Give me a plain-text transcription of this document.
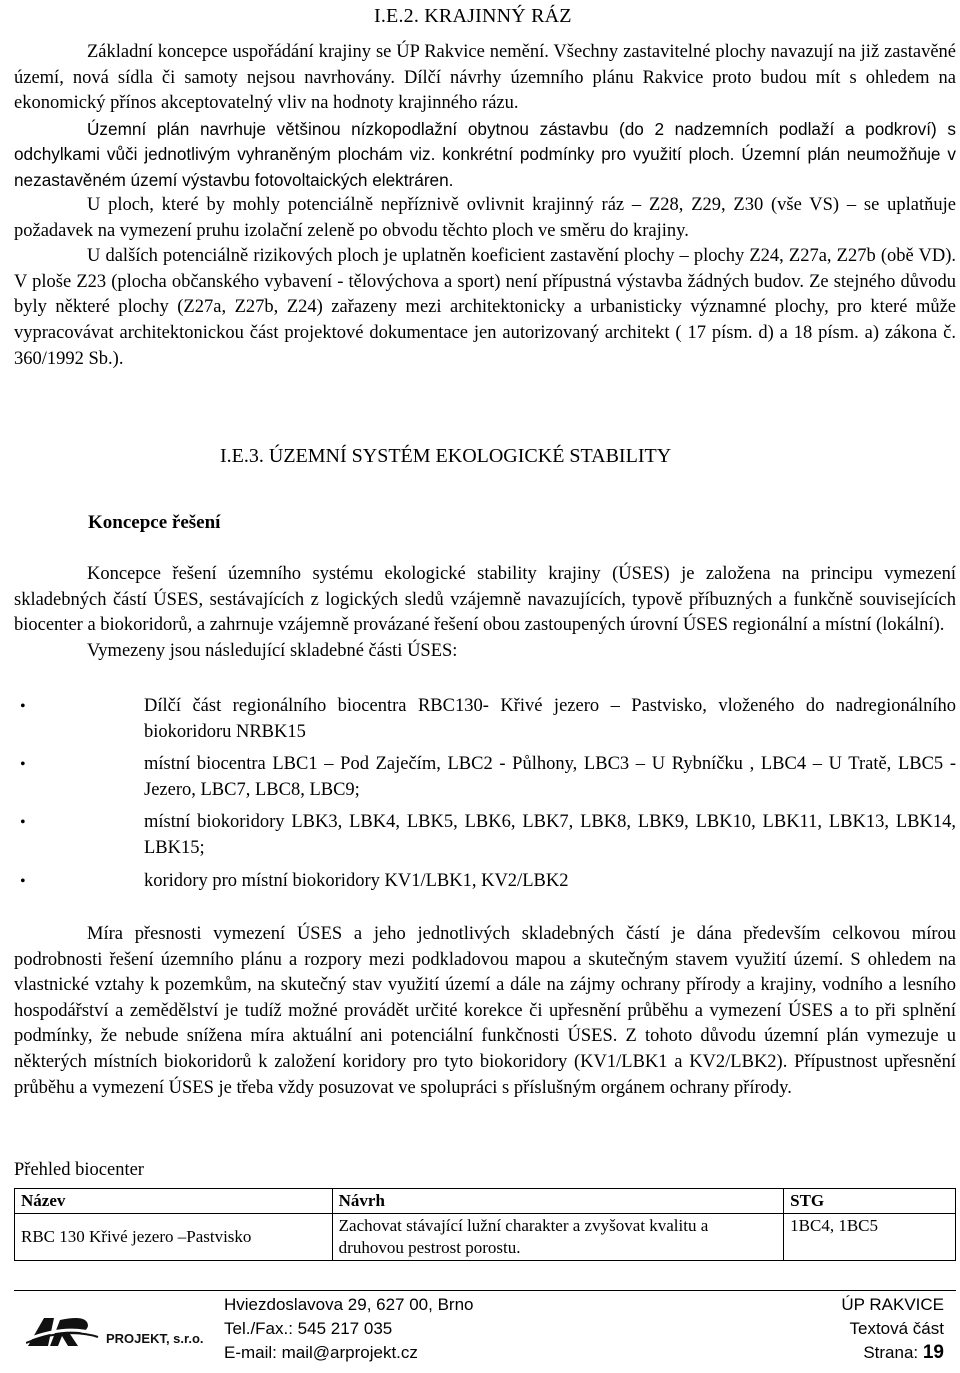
I.E.2. KRAJINNÝ RÁZ

Základní koncepce uspořádání krajiny se ÚP Rakvice nemění. Všechny zastavitelné plochy navazují na již zastavěné území, nová sídla či samoty nejsou navrhovány. Dílčí návrhy územního plánu Rakvice proto budou mít s ohledem na ekonomický přínos akceptovatelný vliv na hodnoty krajinného rázu.

Územní plán navrhuje většinou nízkopodlažní obytnou zástavbu (do 2 nadzemních podlaží a podkroví) s odchylkami vůči jednotlivým vyhraněným plochám viz. konkrétní podmínky pro využití ploch. Územní plán neumožňuje v nezastavěném území výstavbu fotovoltaických elektráren.

U ploch, které by mohly potenciálně nepříznivě ovlivnit krajinný ráz – Z28, Z29, Z30 (vše VS) – se uplatňuje požadavek na vymezení pruhu izolační zeleně po obvodu těchto ploch ve směru do krajiny.

U dalších potenciálně rizikových ploch je uplatněn koeficient zastavění plochy – plochy Z24, Z27a, Z27b (obě VD). V ploše Z23 (plocha občanského vybavení - tělovýchova a sport) není přípustná výstavba žádných budov. Ze stejného důvodu byly některé plochy (Z27a, Z27b, Z24) zařazeny mezi architektonicky a urbanisticky významné plochy, pro které může vypracovávat architektonickou část projektové dokumentace jen autorizovaný architekt ( 17 písm. d) a 18 písm. a) zákona č. 360/1992 Sb.).

I.E.3. ÚZEMNÍ SYSTÉM EKOLOGICKÉ STABILITY
Koncepce řešení

Koncepce řešení územního systému ekologické stability krajiny (ÚSES) je založena na principu vymezení skladebných částí ÚSES, sestávajících z logických sledů vzájemně navazujících, typově příbuzných a funkčně souvisejících biocenter a biokoridorů, a zahrnuje vzájemně provázané řešení obou zastoupených úrovní ÚSES regionální a místní (lokální).

Vymezeny jsou následující skladebné části ÚSES:

•	Dílčí část regionálního biocentra RBC130- Křivé jezero – Pastvisko, vloženého do nadregionálního biokoridoru NRBK15
•	místní biocentra LBC1 – Pod Zaječím, LBC2 - Půlhony, LBC3 – U Rybníčku , LBC4 – U Tratě, LBC5 - Jezero, LBC7, LBC8, LBC9;
•	místní biokoridory LBK3, LBK4, LBK5, LBK6, LBK7, LBK8, LBK9, LBK10, LBK11, LBK13, LBK14, LBK15;
•	koridory pro místní biokoridory KV1/LBK1, KV2/LBK2

Míra přesnosti vymezení ÚSES a jeho jednotlivých skladebných částí je dána především celkovou mírou podrobnosti řešení územního plánu a rozpory mezi podkladovou mapou a skutečným stavem využití území. S ohledem na vlastnické vztahy k pozemkům, na skutečný stav využití území a dále na zájmy ochrany přírody a krajiny, vodního a lesního hospodářství a zemědělství je tudíž možné provádět určité korekce či upřesnění průběhu a vymezení ÚSES a to při splnění podmínky, že nebude snížena míra aktuální ani potenciální funkčnosti ÚSES. Z tohoto důvodu územní plán vymezuje u některých místních biokoridorů k založení koridory pro tyto biokoridory (KV1/LBK1 a KV2/LBK2). Přípustnost upřesnění průběhu a vymezení ÚSES je třeba vždy posuzovat ve spolupráci s příslušným orgánem ochrany přírody.

Přehled biocenter
Název	Návrh	STG
RBC 130 Křivé jezero –Pastvisko	Zachovat stávající lužní charakter a zvyšovat kvalitu a druhovou pestrost porostu.	1BC4, 1BC5
PROJEKT, s.r.o.
Hviezdoslavova 29, 627 00, Brno
Tel./Fax.: 545 217 035
E-mail: mail@arprojekt.cz
ÚP RAKVICE
Textová část
Strana: 19
